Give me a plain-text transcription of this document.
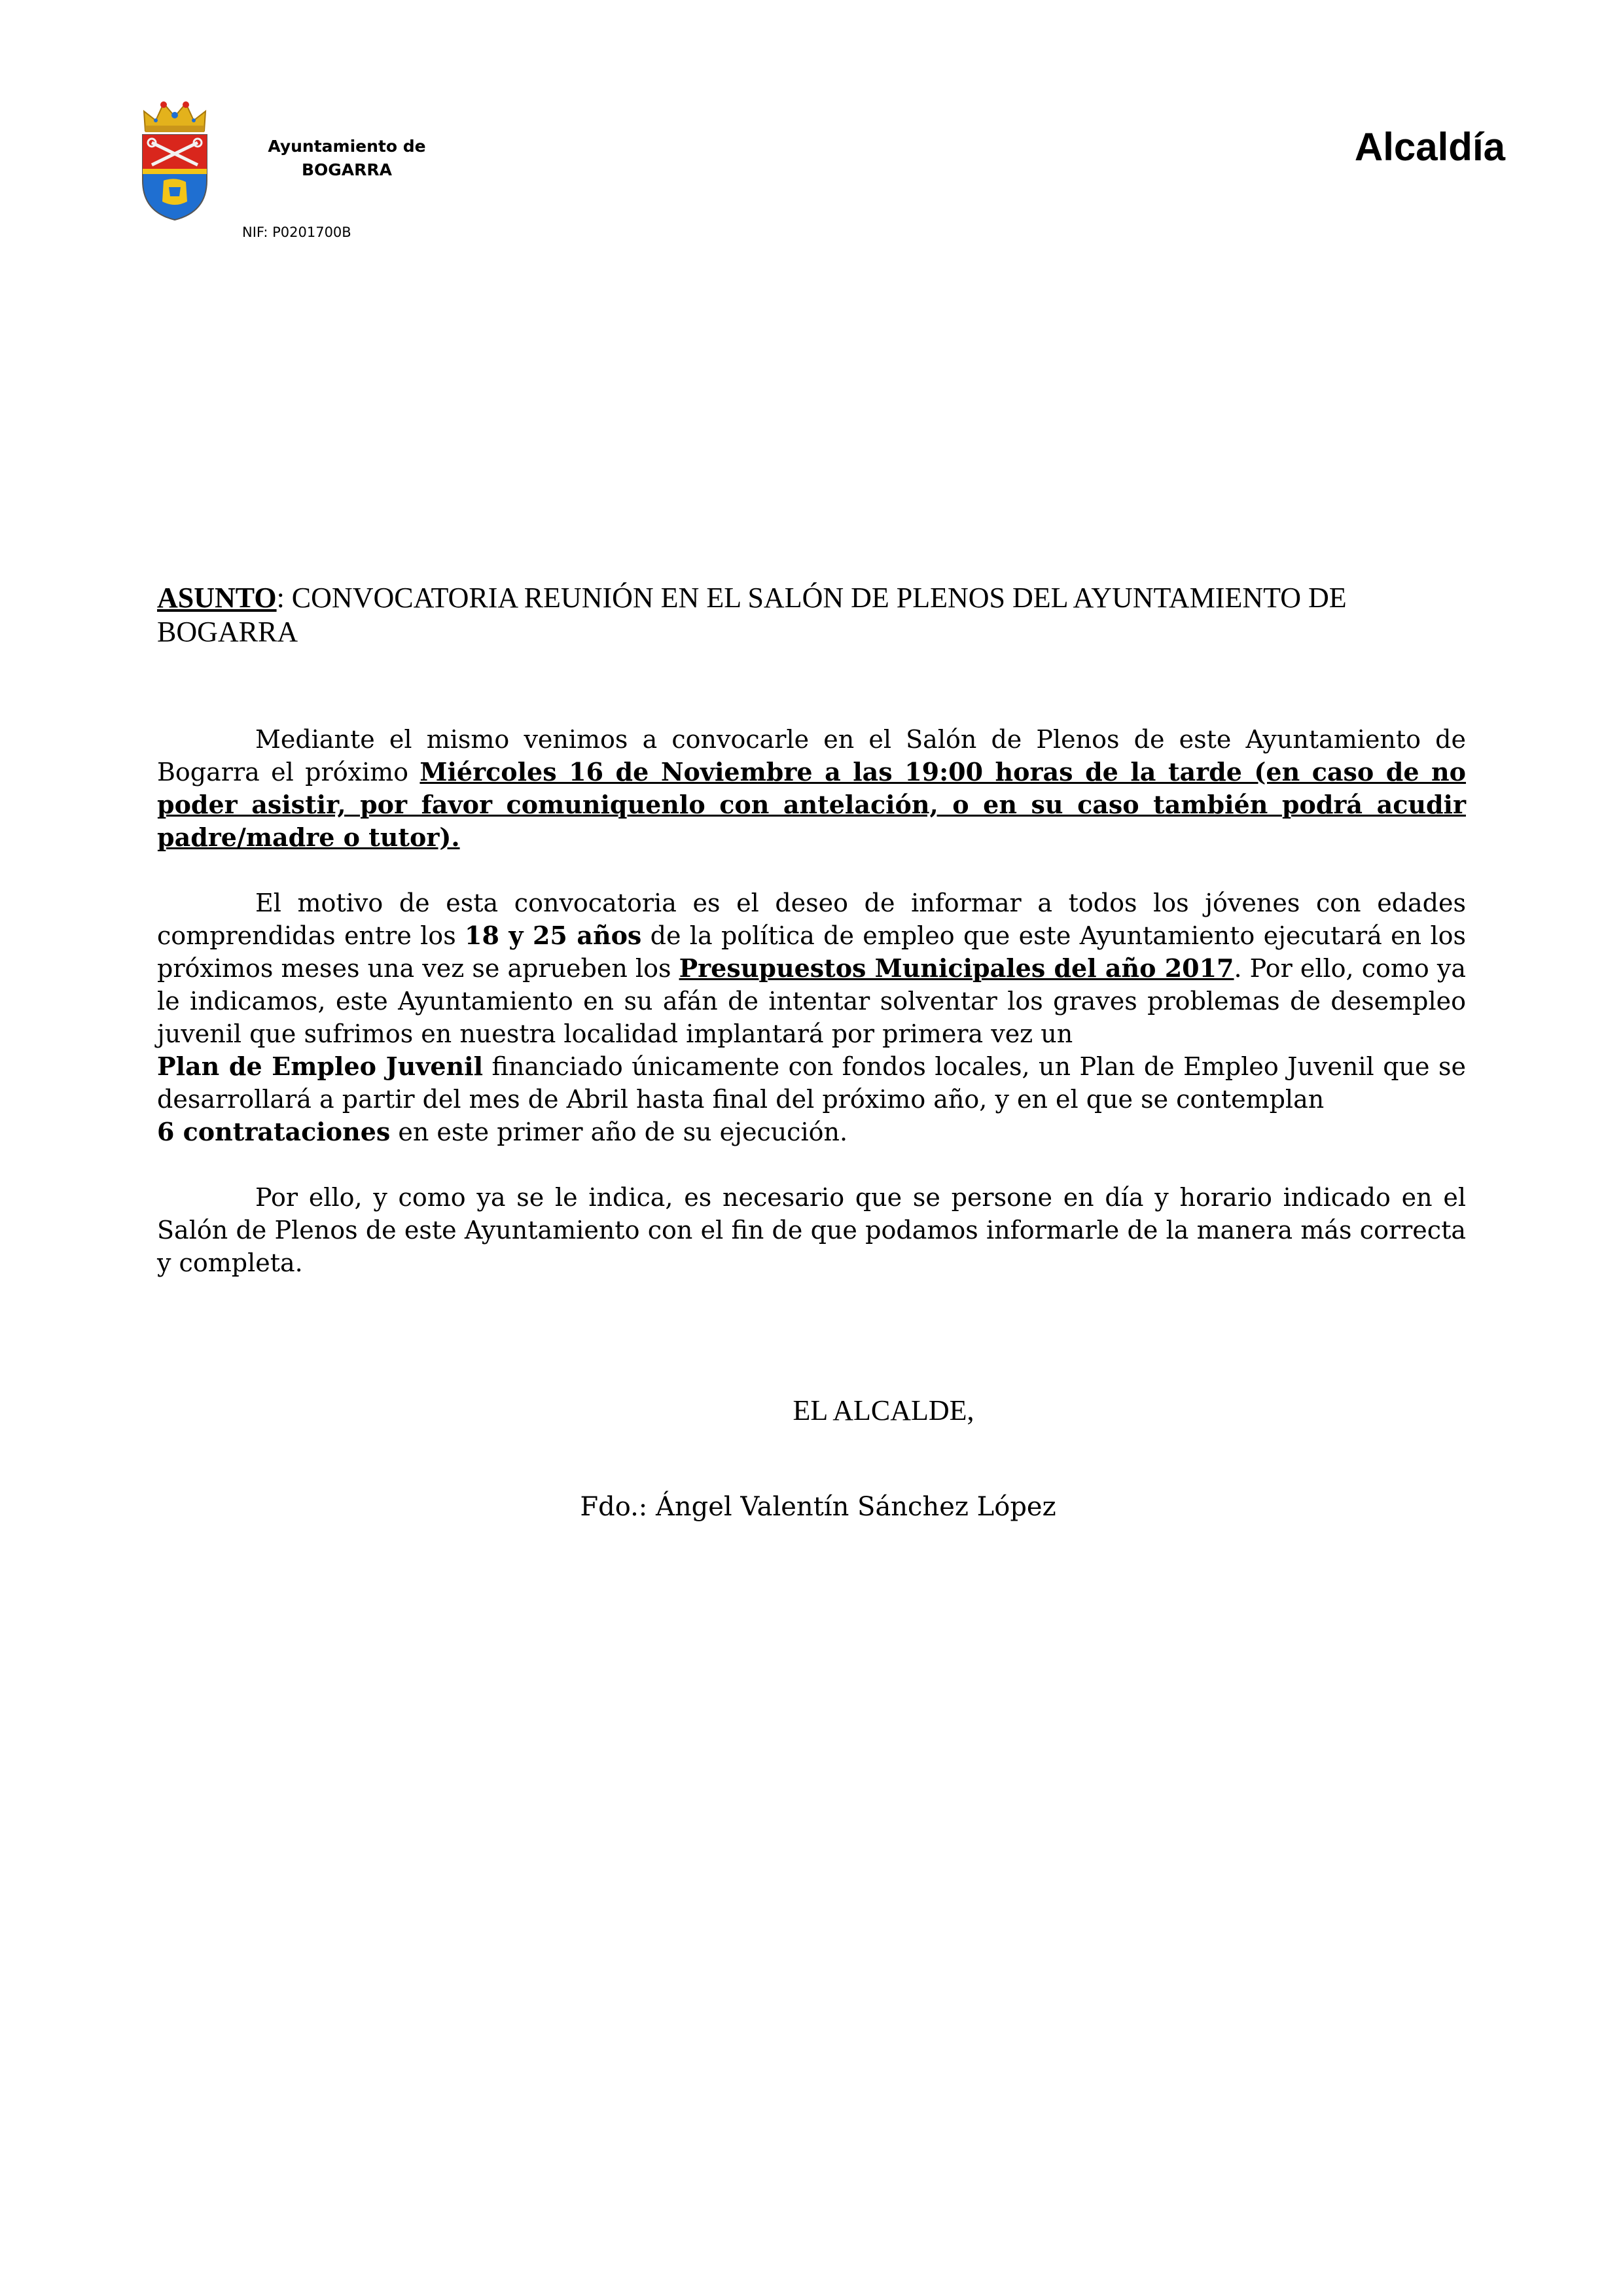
Ayuntamiento de
BOGARRA
NIF: P0201700B
Alcaldía

ASUNTO: CONVOCATORIA REUNIÓN EN EL SALÓN DE PLENOS DEL AYUNTAMIENTO DE BOGARRA

Mediante el mismo venimos a convocarle en el Salón de Plenos de este Ayuntamiento de Bogarra el próximo Miércoles 16 de Noviembre a las 19:00 horas de la tarde (en caso de no poder asistir, por favor comuniquenlo con antelación, o en su caso también podrá acudir padre/madre o tutor).

El motivo de esta convocatoria es el deseo de informar a todos los jóvenes con edades comprendidas entre los 18 y 25 años de la política de empleo que este Ayuntamiento ejecutará en los próximos meses una vez se aprueben los Presupuestos Municipales del año 2017. Por ello, como ya le indicamos, este Ayuntamiento en su afán de intentar solventar los graves problemas de desempleo juvenil que sufrimos en nuestra localidad implantará por primera vez un
Plan de Empleo Juvenil financiado únicamente con fondos locales, un Plan de Empleo Juvenil que se desarrollará a partir del mes de Abril hasta final del próximo año, y en el que se contemplan
6 contrataciones en este primer año de su ejecución.

Por ello, y como ya se le indica, es necesario que se persone en día y horario indicado en el Salón de Plenos de este Ayuntamiento con el fin de que podamos informarle de la manera más correcta y completa.

EL ALCALDE,
Fdo.: Ángel Valentín Sánchez López
